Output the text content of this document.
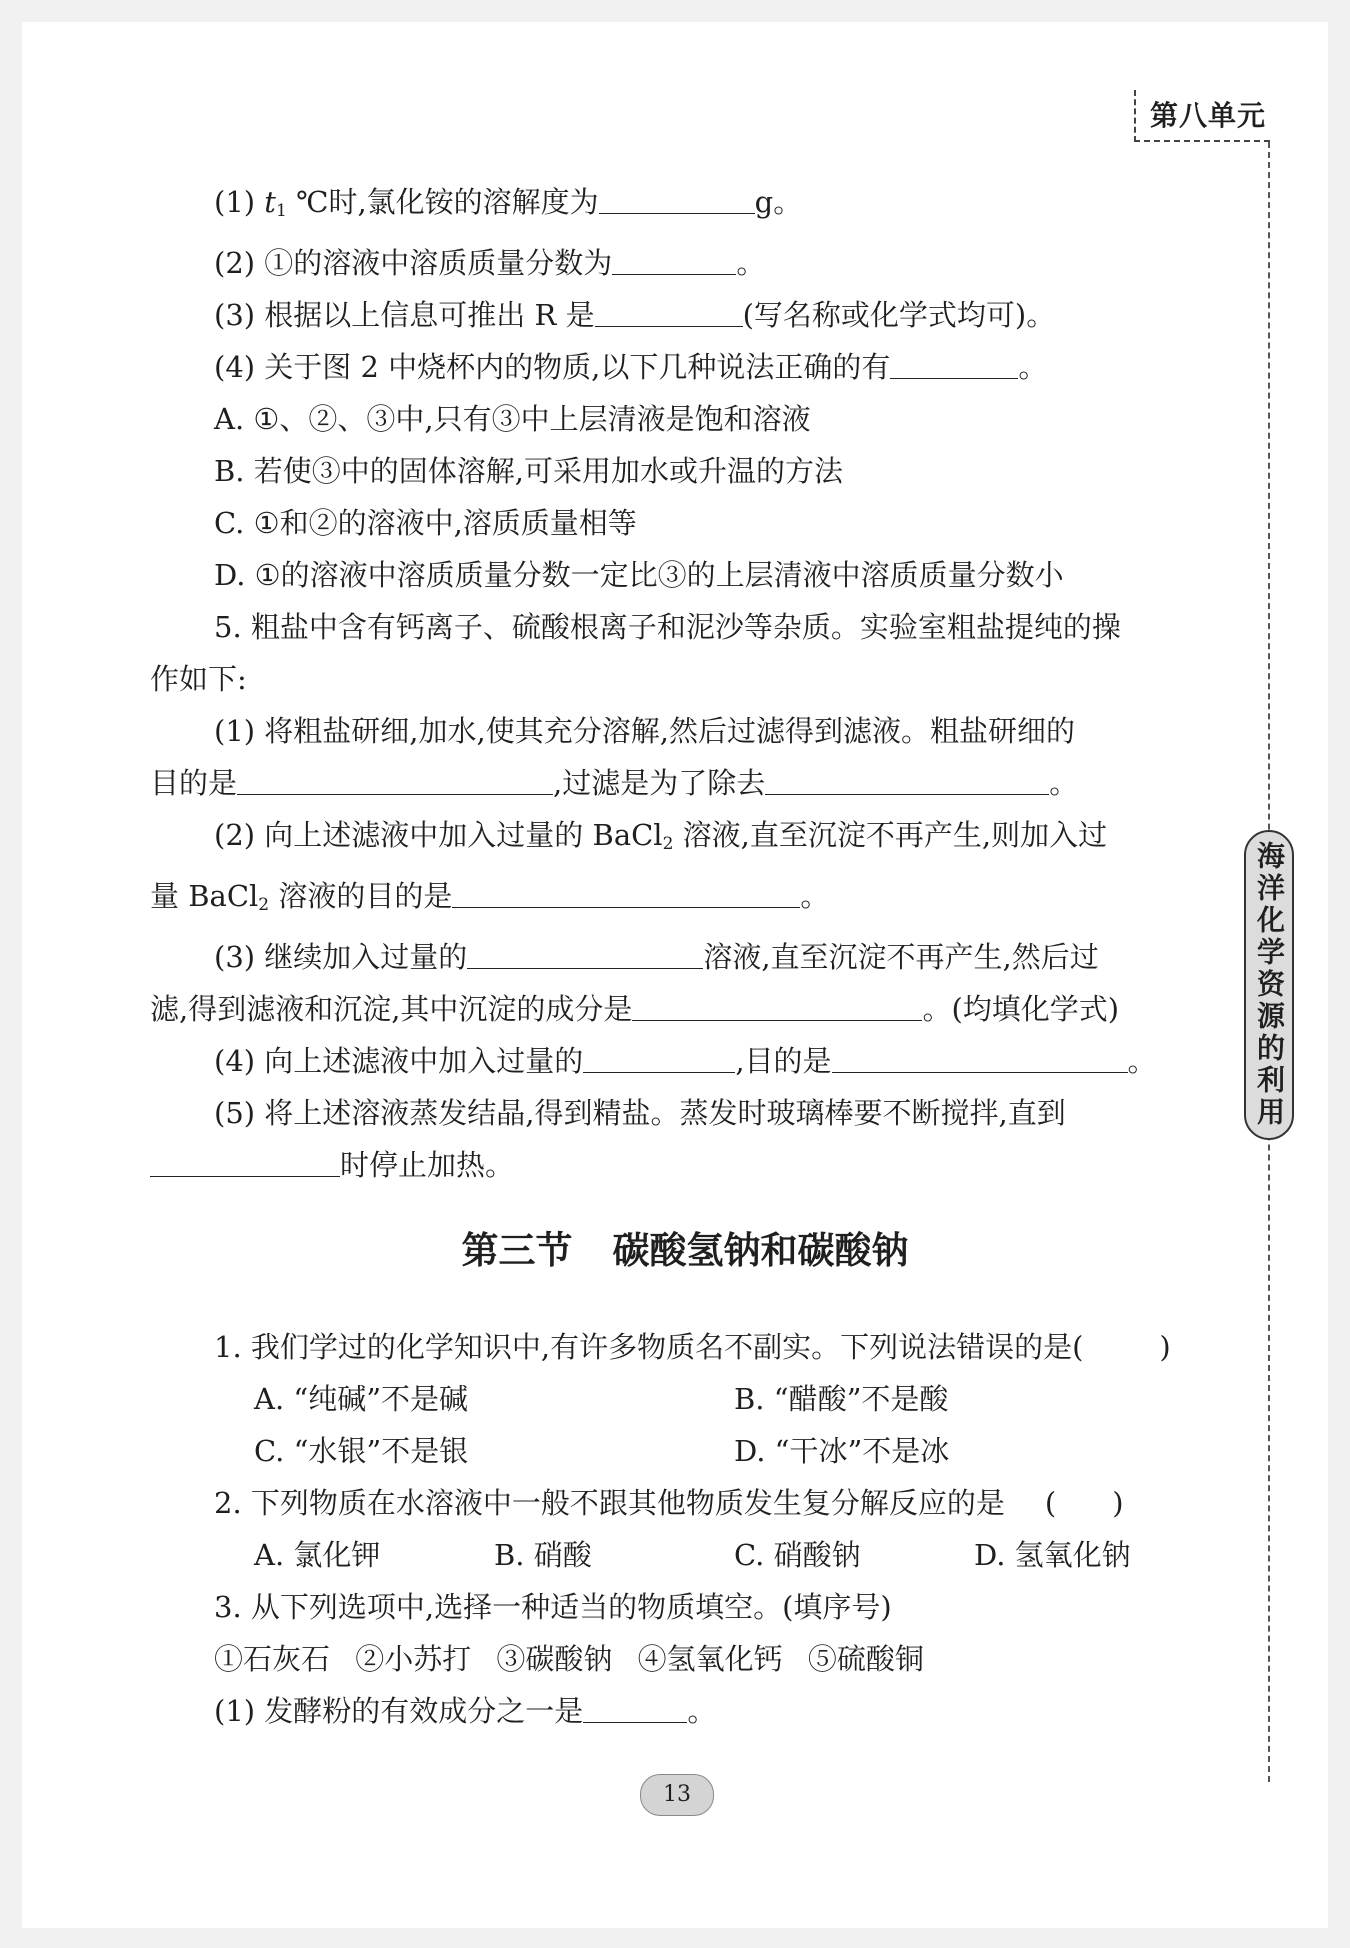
第八单元
海洋化学资源的利用
(1) $t_1$ ℃时,氯化铵的溶解度为	g。
(2) ①的溶液中溶质质量分数为	。
(3) 根据以上信息可推出 R 是	(写名称或化学式均可)。
(4) 关于图 2 中烧杯内的物质,以下几种说法正确的有	。
A. ①、②、③中,只有③中上层清液是饱和溶液
B. 若使③中的固体溶解,可采用加水或升温的方法
C. ①和②的溶液中,溶质质量相等
D. ①的溶液中溶质质量分数一定比③的上层清液中溶质质量分数小
5. 粗盐中含有钙离子、硫酸根离子和泥沙等杂质。实验室粗盐提纯的操
作如下:
(1) 将粗盐研细,加水,使其充分溶解,然后过滤得到滤液。粗盐研细的
目的是	,过滤是为了除去	。
(2) 向上述滤液中加入过量的 BaCl$_2$ 溶液,直至沉淀不再产生,则加入过
量 BaCl$_2$ 溶液的目的是	。
(3) 继续加入过量的	溶液,直至沉淀不再产生,然后过
滤,得到滤液和沉淀,其中沉淀的成分是	。(均填化学式)
(4) 向上述滤液中加入过量的	,目的是	。
(5) 将上述溶液蒸发结晶,得到精盐。蒸发时玻璃棒要不断搅拌,直到
时停止加热。
第三节 碳酸氢钠和碳酸钠
1. 我们学过的化学知识中,有许多物质名不副实。下列说法错误的是(	)
A. “纯碱”不是碱	B. “醋酸”不是酸
C. “水银”不是银	D. “干冰”不是冰
2. 下列物质在水溶液中一般不跟其他物质发生复分解反应的是 ( )
A. 氯化钾	B. 硝酸	C. 硝酸钠	D. 氢氧化钠
3. 从下列选项中,选择一种适当的物质填空。(填序号)
①石灰石 ②小苏打 ③碳酸钠 ④氢氧化钙 ⑤硫酸铜
(1) 发酵粉的有效成分之一是	。
13
